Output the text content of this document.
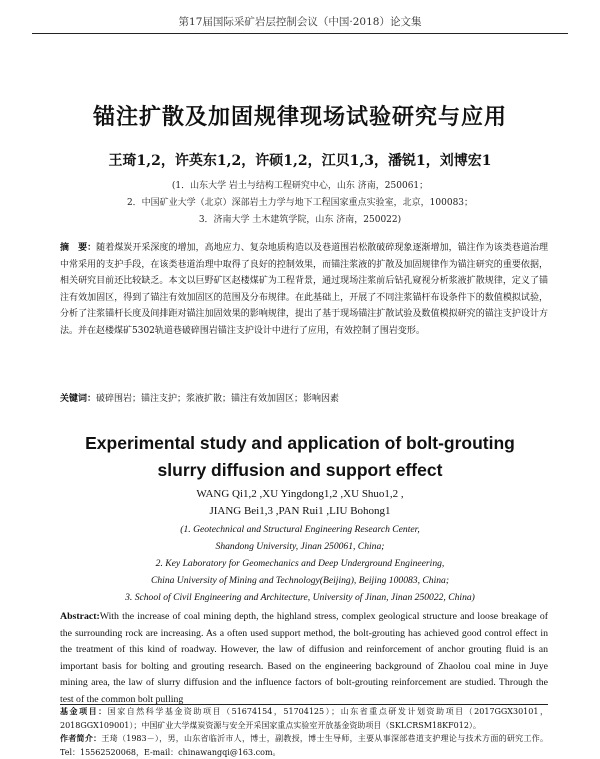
第17届国际采矿岩层控制会议（中国·2018）论文集
锚注扩散及加固规律现场试验研究与应用
王琦1,2，许英东1,2，许硕1,2，江贝1,3，潘锐1，刘博宏1
(1．山东大学 岩土与结构工程研究中心，山东 济南，250061；
2．中国矿业大学（北京）深部岩土力学与地下工程国家重点实验室，北京，100083；
3．济南大学 土木建筑学院，山东 济南，250022)
摘　要：随着煤炭开采深度的增加，高地应力、复杂地质构造以及巷道围岩松散破碎现象逐渐增加，锚注作为该类巷道治理中常采用的支护手段，在该类巷道治理中取得了良好的控制效果，而锚注浆液的扩散及加固规律作为锚注研究的重要依据，相关研究目前还比较缺乏。本文以巨野矿区赵楼煤矿为工程背景，通过现场注浆前后钻孔窥视分析浆液扩散规律，定义了锚注有效加固区，得到了锚注有效加固区的范围及分布规律。在此基础上，开展了不同注浆锚杆布设条件下的数值模拟试验，分析了注浆锚杆长度及间排距对锚注加固效果的影响规律，提出了基于现场锚注扩散试验及数值模拟研究的锚注支护设计方法。并在赵楼煤矿5302轨道巷破碎围岩锚注支护设计中进行了应用，有效控制了围岩变形。
关键词：破碎围岩；锚注支护；浆液扩散；锚注有效加固区；影响因素
Experimental study and application of bolt-grouting
slurry diffusion and support effect
WANG Qi1,2 ,XU Yingdong1,2 ,XU Shuo1,2 ,
JIANG Bei1,3 ,PAN Rui1 ,LIU Bohong1
(1. Geotechnical and Structural Engineering Research Center,
Shandong University, Jinan 250061, China;
2. Key Laboratory for Geomechanics and Deep Underground Engineering,
China University of Mining and Technology(Beijing), Beijing 100083, China;
3. School of Civil Engineering and Architecture, University of Jinan, Jinan 250022, China)
Abstract:With the increase of coal mining depth, the highland stress, complex geological structure and loose breakage of the surrounding rock are increasing. As a often used support method, the bolt-grouting has achieved good control effect in the treatment of this kind of roadway. However, the law of diffusion and reinforcement of anchor grouting fluid is an important basis for bolting and grouting research. Based on the engineering background of Zhaolou coal mine in Juye mining area, the law of slurry diffusion and the influence factors of bolt-grouting reinforcement are studied. Through the test of the common bolt pulling
基金项目：国家自然科学基金资助项目（51674154，51704125）；山东省重点研发计划资助项目（2017GGX30101，2018GGX109001）；中国矿业大学煤炭资源与安全开采国家重点实验室开放基金资助项目（SKLCRSM18KF012）。
作者简介：王琦（1983－），男，山东省临沂市人，博士，副教授，博士生导师，主要从事深部巷道支护理论与技术方面的研究工作。Tel：15562520068，E-mail：chinawangqi@163.com。
